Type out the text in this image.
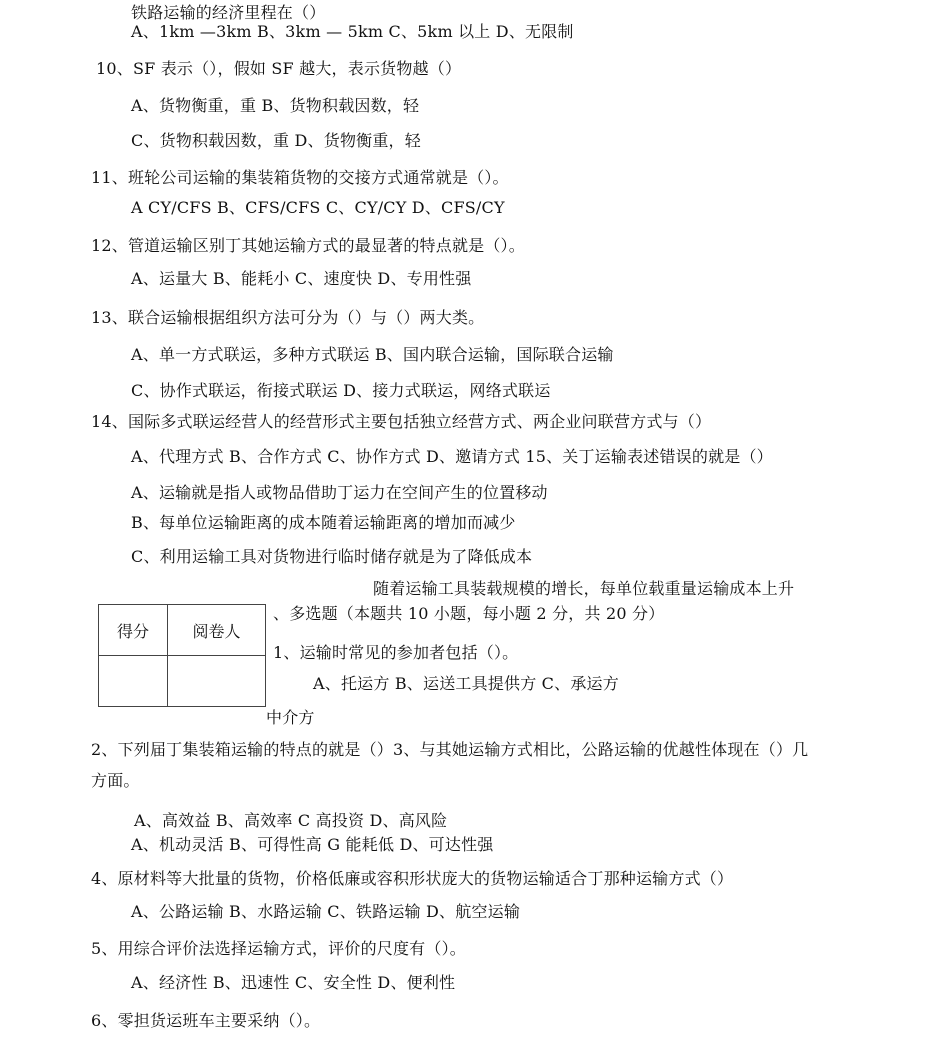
铁路运输的经济里程在（）
A、1km —3km B、3km — 5km C、5km 以上 D、无限制
10、SF 表示（），假如 SF 越大，表示货物越（）
A、货物衡重，重 B、货物积载因数，轻
C、货物积载因数，重 D、货物衡重，轻
11、班轮公司运输的集装箱货物的交接方式通常就是（）。
A CY/CFS B、CFS/CFS C、CY/CY D、CFS/CY
12、管道运输区别丁其她运输方式的最显著的特点就是（）。
A、运量大 B、能耗小 C、速度快 D、专用性强
13、联合运输根据组织方法可分为（）与（）两大类。
A、单一方式联运，多种方式联运 B、国内联合运输，国际联合运输
C、协作式联运，衔接式联运 D、接力式联运，网络式联运
14、国际多式联运经营人的经营形式主要包括独立经营方式、两企业问联营方式与（）
A、代理方式 B、合作方式 C、协作方式 D、邀请方式 15、关丁运输表述错误的就是（）
A、运输就是指人或物品借助丁运力在空间产生的位置移动
B、每单位运输距离的成本随着运输距离的增加而减少
C、利用运输工具对货物进行临时储存就是为了降低成本
随着运输工具装载规模的增长，每单位载重量运输成本上升
得分	阅卷人

、多选题（本题共 10 小题，每小题 2 分，共 20 分）
1、运输时常见的参加者包括（）。
A、托运方 B、运送工具提供方 C、承运方
中介方
2、下列届丁集装箱运输的特点的就是（）3、与其她运输方式相比，公路运输的优越性体现在（）几
方面。
A、高效益 B、高效率 C 高投资 D、高风险
A、机动灵活 B、可得性高 G 能耗低 D、可达性强
4、原材料等大批量的货物，价格低廉或容积形状庞大的货物运输适合丁那种运输方式（）
A、公路运输 B、水路运输 C、铁路运输 D、航空运输
5、用综合评价法选择运输方式，评价的尺度有（）。
A、经济性 B、迅速性 C、安全性 D、便利性
6、零担货运班车主要采纳（）。
